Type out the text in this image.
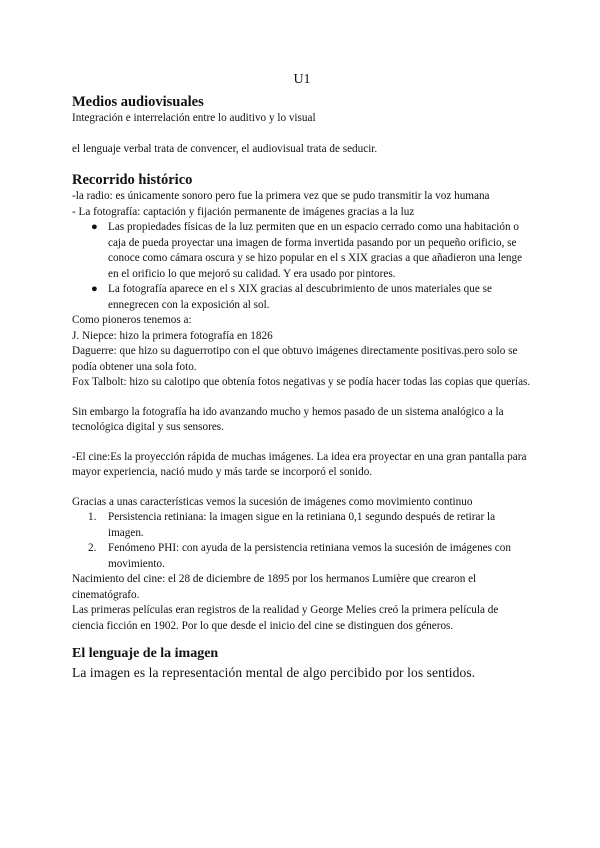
U1
Medios audiovisuales

Integración e interrelación entre lo auditivo y lo visual

el lenguaje verbal trata de convencer, el audiovisual trata de seducir.

Recorrido histórico

-la radio: es únicamente sonoro pero fue la primera vez que se pudo transmitir la voz humana

- La fotografía: captación y fijación permanente de imágenes gracias a la luz

● Las propiedades físicas de la luz permiten que en un espacio cerrado como una habitación o caja de pueda proyectar una imagen de forma invertida pasando por un pequeño orificio, se conoce como cámara oscura y se hizo popular en el s XIX gracias a que añadieron una lenge en el orificio lo que mejoró su calidad. Y era usado por pintores.
● La fotografía aparece en el s XIX gracias al descubrimiento de unos materiales que se ennegrecen con la exposición al sol.

Como pioneros tenemos a:

J. Niepce: hizo la primera fotografía en 1826

Daguerre: que hizo su daguerrotipo con el que obtuvo imágenes directamente positivas.pero solo se podía obtener una sola foto.

Fox Talbolt: hizo su calotipo que obtenía fotos negativas y se podía hacer todas las copias que querías.

Sin embargo la fotografía ha ido avanzando mucho y hemos pasado de un sistema analógico a la tecnológica digital y sus sensores.

-El cine:Es la proyección rápida de muchas imágenes. La idea era proyectar en una gran pantalla para mayor experiencia, nació mudo y más tarde se incorporó el sonido.

Gracias a unas características vemos la sucesión de imágenes como movimiento continuo

1. Persistencia retiniana: la imagen sigue en la retiniana 0,1 segundo después de retirar la imagen.
2. Fenómeno PHI: con ayuda de la persistencia retiniana vemos la sucesión de imágenes con movimiento.

Nacimiento del cine: el 28 de diciembre de 1895 por los hermanos Lumière que crearon el cinematógrafo.

Las primeras películas eran registros de la realidad y George Melies creó la primera película de ciencia ficción en 1902. Por lo que desde el inicio del cine se distinguen dos géneros.

El lenguaje de la imagen

La imagen es la representación mental de algo percibido por los sentidos.
